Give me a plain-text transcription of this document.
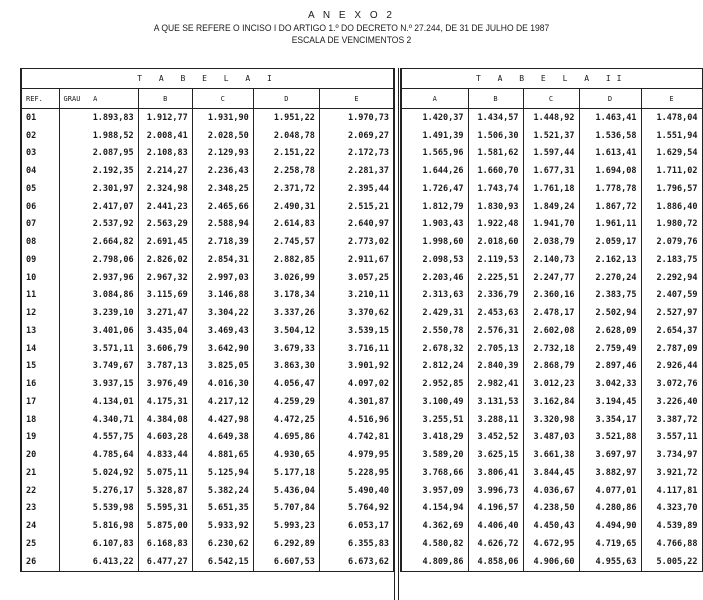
A N E X O 2
A QUE SE REFERE O INCISO I DO ARTIGO 1.º DO DECRETO N.º 27.244, DE 31 DE JULHO DE 1987
ESCALA DE VENCIMENTOS 2
T A B E L A I					
REF.	GRAU A	B	C	D	E
01	1.893,83	1.912,77	1.931,90	1.951,22	1.970,73
02	1.988,52	2.008,41	2.028,50	2.048,78	2.069,27
03	2.087,95	2.108,83	2.129,93	2.151,22	2.172,73
04	2.192,35	2.214,27	2.236,43	2.258,78	2.281,37
05	2.301,97	2.324,98	2.348,25	2.371,72	2.395,44
06	2.417,07	2.441,23	2.465,66	2.490,31	2.515,21
07	2.537,92	2.563,29	2.588,94	2.614,83	2.640,97
08	2.664,82	2.691,45	2.718,39	2.745,57	2.773,02
09	2.798,06	2.826,02	2.854,31	2.882,85	2.911,67
10	2.937,96	2.967,32	2.997,03	3.026,99	3.057,25
11	3.084,86	3.115,69	3.146,88	3.178,34	3.210,11
12	3.239,10	3.271,47	3.304,22	3.337,26	3.370,62
13	3.401,06	3.435,04	3.469,43	3.504,12	3.539,15
14	3.571,11	3.606,79	3.642,90	3.679,33	3.716,11
15	3.749,67	3.787,13	3.825,05	3.863,30	3.901,92
16	3.937,15	3.976,49	4.016,30	4.056,47	4.097,02
17	4.134,01	4.175,31	4.217,12	4.259,29	4.301,87
18	4.340,71	4.384,08	4.427,98	4.472,25	4.516,96
19	4.557,75	4.603,28	4.649,38	4.695,86	4.742,81
20	4.785,64	4.833,44	4.881,65	4.930,65	4.979,95
21	5.024,92	5.075,11	5.125,94	5.177,18	5.228,95
22	5.276,17	5.328,87	5.382,24	5.436,04	5.490,40
23	5.539,98	5.595,31	5.651,35	5.707,84	5.764,92
24	5.816,98	5.875,00	5.933,92	5.993,23	6.053,17
25	6.107,83	6.168,83	6.230,62	6.292,89	6.355,83
26	6.413,22	6.477,27	6.542,15	6.607,53	6.673,62
T A B E L A II				
A	B	C	D	E
1.420,37	1.434,57	1.448,92	1.463,41	1.478,04
1.491,39	1.506,30	1.521,37	1.536,58	1.551,94
1.565,96	1.581,62	1.597,44	1.613,41	1.629,54
1.644,26	1.660,70	1.677,31	1.694,08	1.711,02
1.726,47	1.743,74	1.761,18	1.778,78	1.796,57
1.812,79	1.830,93	1.849,24	1.867,72	1.886,40
1.903,43	1.922,48	1.941,70	1.961,11	1.980,72
1.998,60	2.018,60	2.038,79	2.059,17	2.079,76
2.098,53	2.119,53	2.140,73	2.162,13	2.183,75
2.203,46	2.225,51	2.247,77	2.270,24	2.292,94
2.313,63	2.336,79	2.360,16	2.383,75	2.407,59
2.429,31	2.453,63	2.478,17	2.502,94	2.527,97
2.550,78	2.576,31	2.602,08	2.628,09	2.654,37
2.678,32	2.705,13	2.732,18	2.759,49	2.787,09
2.812,24	2.840,39	2.868,79	2.897,46	2.926,44
2.952,85	2.982,41	3.012,23	3.042,33	3.072,76
3.100,49	3.131,53	3.162,84	3.194,45	3.226,40
3.255,51	3.288,11	3.320,98	3.354,17	3.387,72
3.418,29	3.452,52	3.487,03	3.521,88	3.557,11
3.589,20	3.625,15	3.661,38	3.697,97	3.734,97
3.768,66	3.806,41	3.844,45	3.882,97	3.921,72
3.957,09	3.996,73	4.036,67	4.077,01	4.117,81
4.154,94	4.196,57	4.238,50	4.280,86	4.323,70
4.362,69	4.406,40	4.450,43	4.494,90	4.539,89
4.580,82	4.626,72	4.672,95	4.719,65	4.766,88
4.809,86	4.858,06	4.906,60	4.955,63	5.005,22
